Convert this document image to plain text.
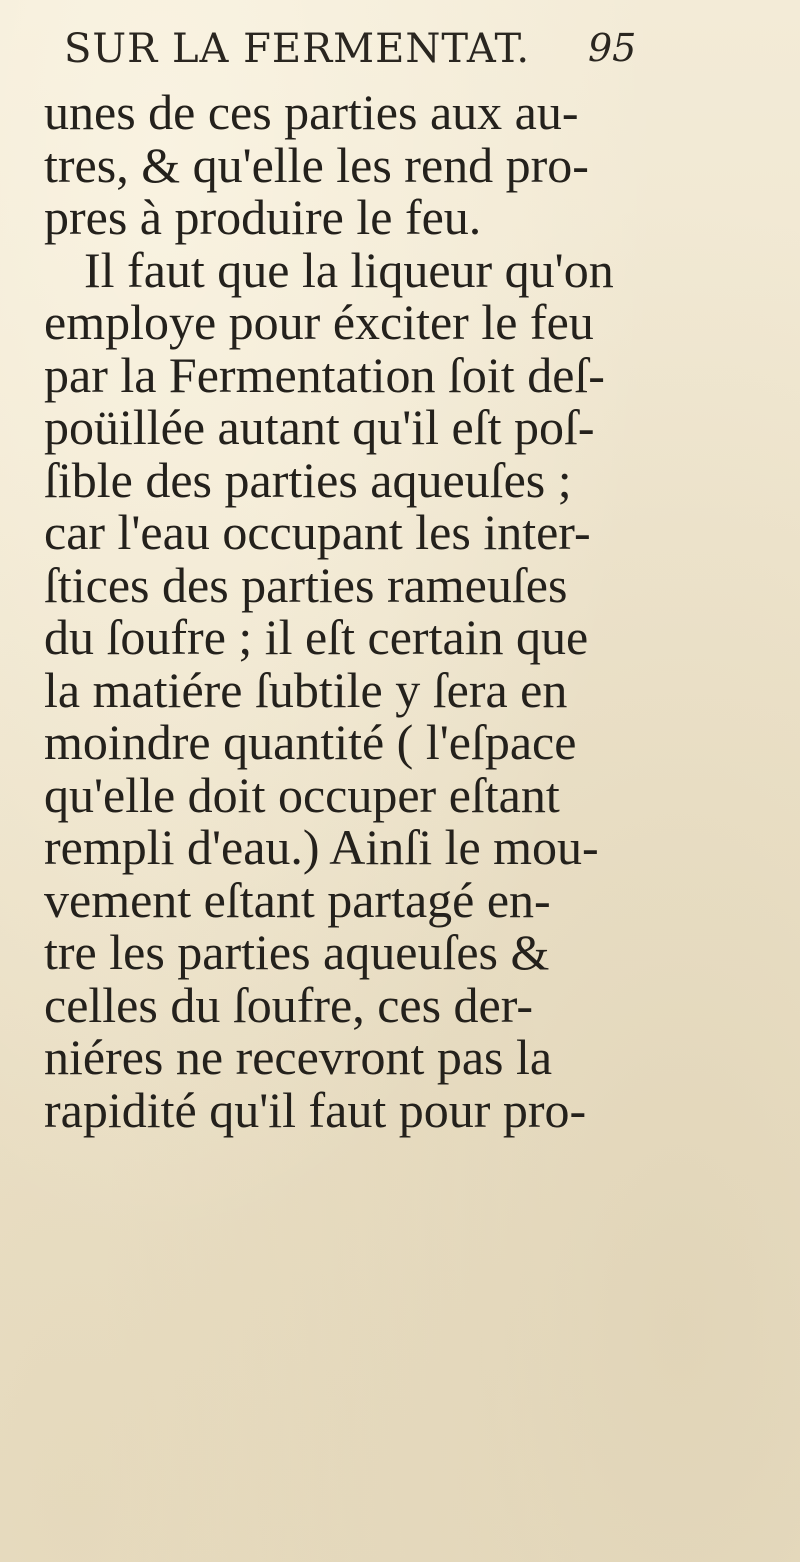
SUR LA FERMENTAT. 95
unes de ces parties aux au-
tres, & qu'elle les rend pro-
pres à produire le feu.
Il faut que la liqueur qu'on
employe pour éxciter le feu
par la Fermentation ſoit deſ-
poüillée autant qu'il eſt poſ-
ſible des parties aqueuſes ;
car l'eau occupant les inter-
ſtices des parties rameuſes
du ſoufre ; il eſt certain que
la matiére ſubtile y ſera en
moindre quantité ( l'eſpace
qu'elle doit occuper eſtant
rempli d'eau.) Ainſi le mou-
vement eſtant partagé en-
tre les parties aqueuſes &
celles du ſoufre, ces der-
niéres ne recevront pas la
rapidité qu'il faut pour pro-
